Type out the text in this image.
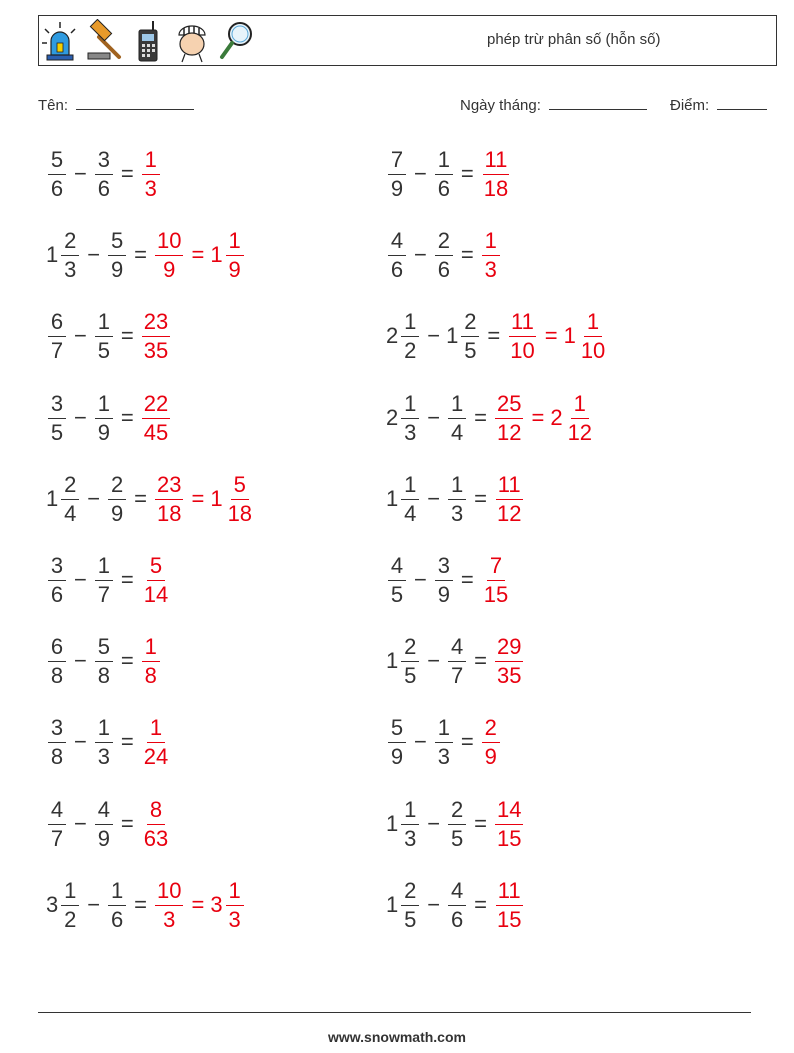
phép trừ phân số (hỗn số)
Tên:	Ngày tháng:	Điểm:
$\frac{5}{6} - \frac{3}{6} = \frac{1}{3}$	$\frac{7}{9} - \frac{1}{6} = \frac{11}{18}$
$1 \frac{2}{3} - \frac{5}{9} = \frac{10}{9} = 1 \frac{1}{9}$	$\frac{4}{6} - \frac{2}{6} = \frac{1}{3}$
$\frac{6}{7} - \frac{1}{5} = \frac{23}{35}$	$2 \frac{1}{2} - 1 \frac{2}{5} = \frac{11}{10} = 1 \frac{1}{10}$
$\frac{3}{5} - \frac{1}{9} = \frac{22}{45}$	$2 \frac{1}{3} - \frac{1}{4} = \frac{25}{12} = 2 \frac{1}{12}$
$1 \frac{2}{4} - \frac{2}{9} = \frac{23}{18} = 1 \frac{5}{18}$	$1 \frac{1}{4} - \frac{1}{3} = \frac{11}{12}$
$\frac{3}{6} - \frac{1}{7} = \frac{5}{14}$	$\frac{4}{5} - \frac{3}{9} = \frac{7}{15}$
$\frac{6}{8} - \frac{5}{8} = \frac{1}{8}$	$1 \frac{2}{5} - \frac{4}{7} = \frac{29}{35}$
$\frac{3}{8} - \frac{1}{3} = \frac{1}{24}$	$\frac{5}{9} - \frac{1}{3} = \frac{2}{9}$
$\frac{4}{7} - \frac{4}{9} = \frac{8}{63}$	$1 \frac{1}{3} - \frac{2}{5} = \frac{14}{15}$
$3 \frac{1}{2} - \frac{1}{6} = \frac{10}{3} = 3 \frac{1}{3}$	$1 \frac{2}{5} - \frac{4}{6} = \frac{11}{15}$
www.snowmath.com
